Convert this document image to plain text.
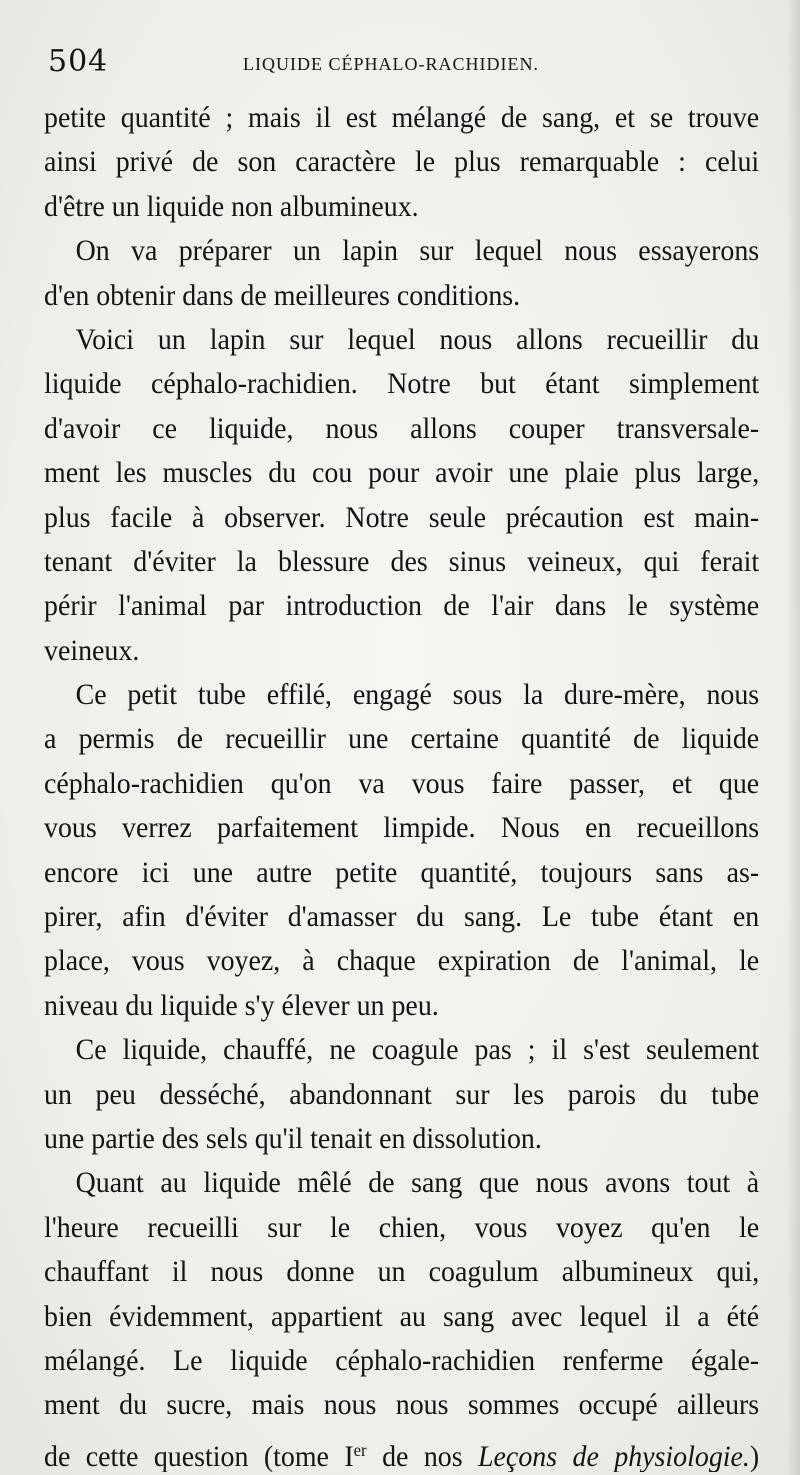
504	LIQUIDE CÉPHALO-RACHIDIEN.
petite quantité ; mais il est mélangé de sang, et se trouve
ainsi privé de son caractère le plus remarquable : celui
d'être un liquide non albumineux.
On va préparer un lapin sur lequel nous essayerons
d'en obtenir dans de meilleures conditions.
Voici un lapin sur lequel nous allons recueillir du
liquide céphalo-rachidien. Notre but étant simplement
d'avoir ce liquide, nous allons couper transversale-
ment les muscles du cou pour avoir une plaie plus large,
plus facile à observer. Notre seule précaution est main-
tenant d'éviter la blessure des sinus veineux, qui ferait
périr l'animal par introduction de l'air dans le système
veineux.
Ce petit tube effilé, engagé sous la dure-mère, nous
a permis de recueillir une certaine quantité de liquide
céphalo-rachidien qu'on va vous faire passer, et que
vous verrez parfaitement limpide. Nous en recueillons
encore ici une autre petite quantité, toujours sans as-
pirer, afin d'éviter d'amasser du sang. Le tube étant en
place, vous voyez, à chaque expiration de l'animal, le
niveau du liquide s'y élever un peu.
Ce liquide, chauffé, ne coagule pas ; il s'est seulement
un peu desséché, abandonnant sur les parois du tube
une partie des sels qu'il tenait en dissolution.
Quant au liquide mêlé de sang que nous avons tout à
l'heure recueilli sur le chien, vous voyez qu'en le
chauffant il nous donne un coagulum albumineux qui,
bien évidemment, appartient au sang avec lequel il a été
mélangé. Le liquide céphalo-rachidien renferme égale-
ment du sucre, mais nous nous sommes occupé ailleurs
de cette question (tome Ier de nos Leçons de physiologie.)
